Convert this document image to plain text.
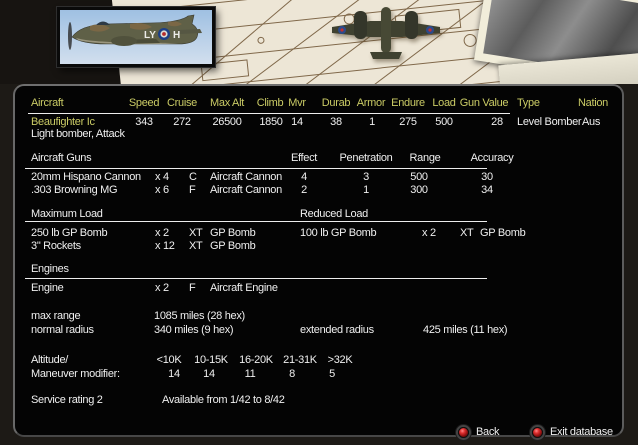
LY H
Aircraft	Speed Cruise Max Alt Climb Mvr Durab Armor Endure Load Gun Value Type	Nation
Beaufighter Ic	343 272 26500 1850 14 38 1 275 500	28 Level Bomber Aus
Light bomber, Attack
Aircraft Guns	Effect Penetration Range	Accuracy
20mm Hispano Cannon x 4 C Aircraft Cannon 4	3	500	30
.303 Browning MG	x 6 F Aircraft Cannon 2	1	300	34
Maximum Load	Reduced Load
250 lb GP Bomb	x 2 XT GP Bomb	100 lb GP Bomb	x 2 XT GP Bomb
3" Rockets	x 12 XT GP Bomb
Engines
Engine	x 2 F Aircraft Engine
max range	1085 miles (28 hex)
normal radius	340 miles (9 hex)	extended radius	425 miles (11 hex)
Altitude/	<10K 10-15K 16-20K 21-31K >32K
Maneuver modifier:	14 14	11	8	5
Service rating 2	Available from 1/42 to 8/42
Back	Exit database
